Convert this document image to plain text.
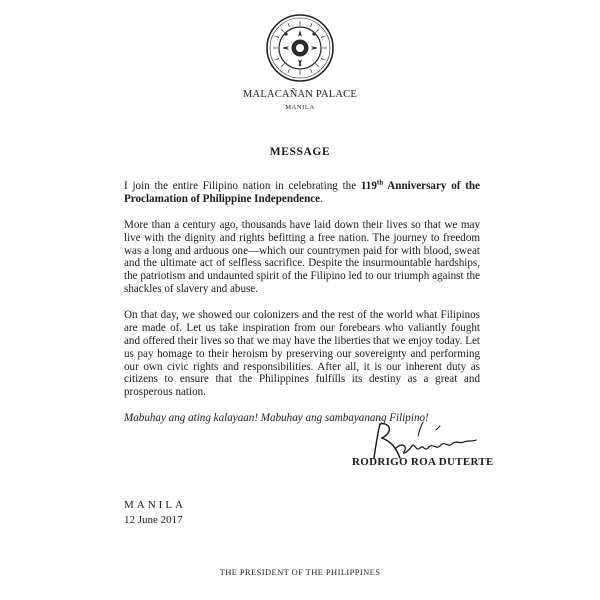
MALACAÑAN PALACE
MANILA
MESSAGE

I join the entire Filipino nation in celebrating the 119th Anniversary of the Proclamation of Philippine Independence.

More than a century ago, thousands have laid down their lives so that we may live with the dignity and rights befitting a free nation. The journey to freedom was a long and arduous one—which our countrymen paid for with blood, sweat and the ultimate act of selfless sacrifice. Despite the insurmountable hardships, the patriotism and undaunted spirit of the Filipino led to our triumph against the shackles of slavery and abuse.

On that day, we showed our colonizers and the rest of the world what Filipinos are made of. Let us take inspiration from our forebears who valiantly fought and offered their lives so that we may have the liberties that we enjoy today. Let us pay homage to their heroism by preserving our sovereignty and performing our own civic rights and responsibilities. After all, it is our inherent duty as citizens to ensure that the Philippines fulfills its destiny as a great and prosperous nation.

Mabuhay ang ating kalayaan! Mabuhay ang sambayanang Filipino!

RODRIGO ROA DUTERTE
MANILA
12 June 2017
THE PRESIDENT OF THE PHILIPPINES
